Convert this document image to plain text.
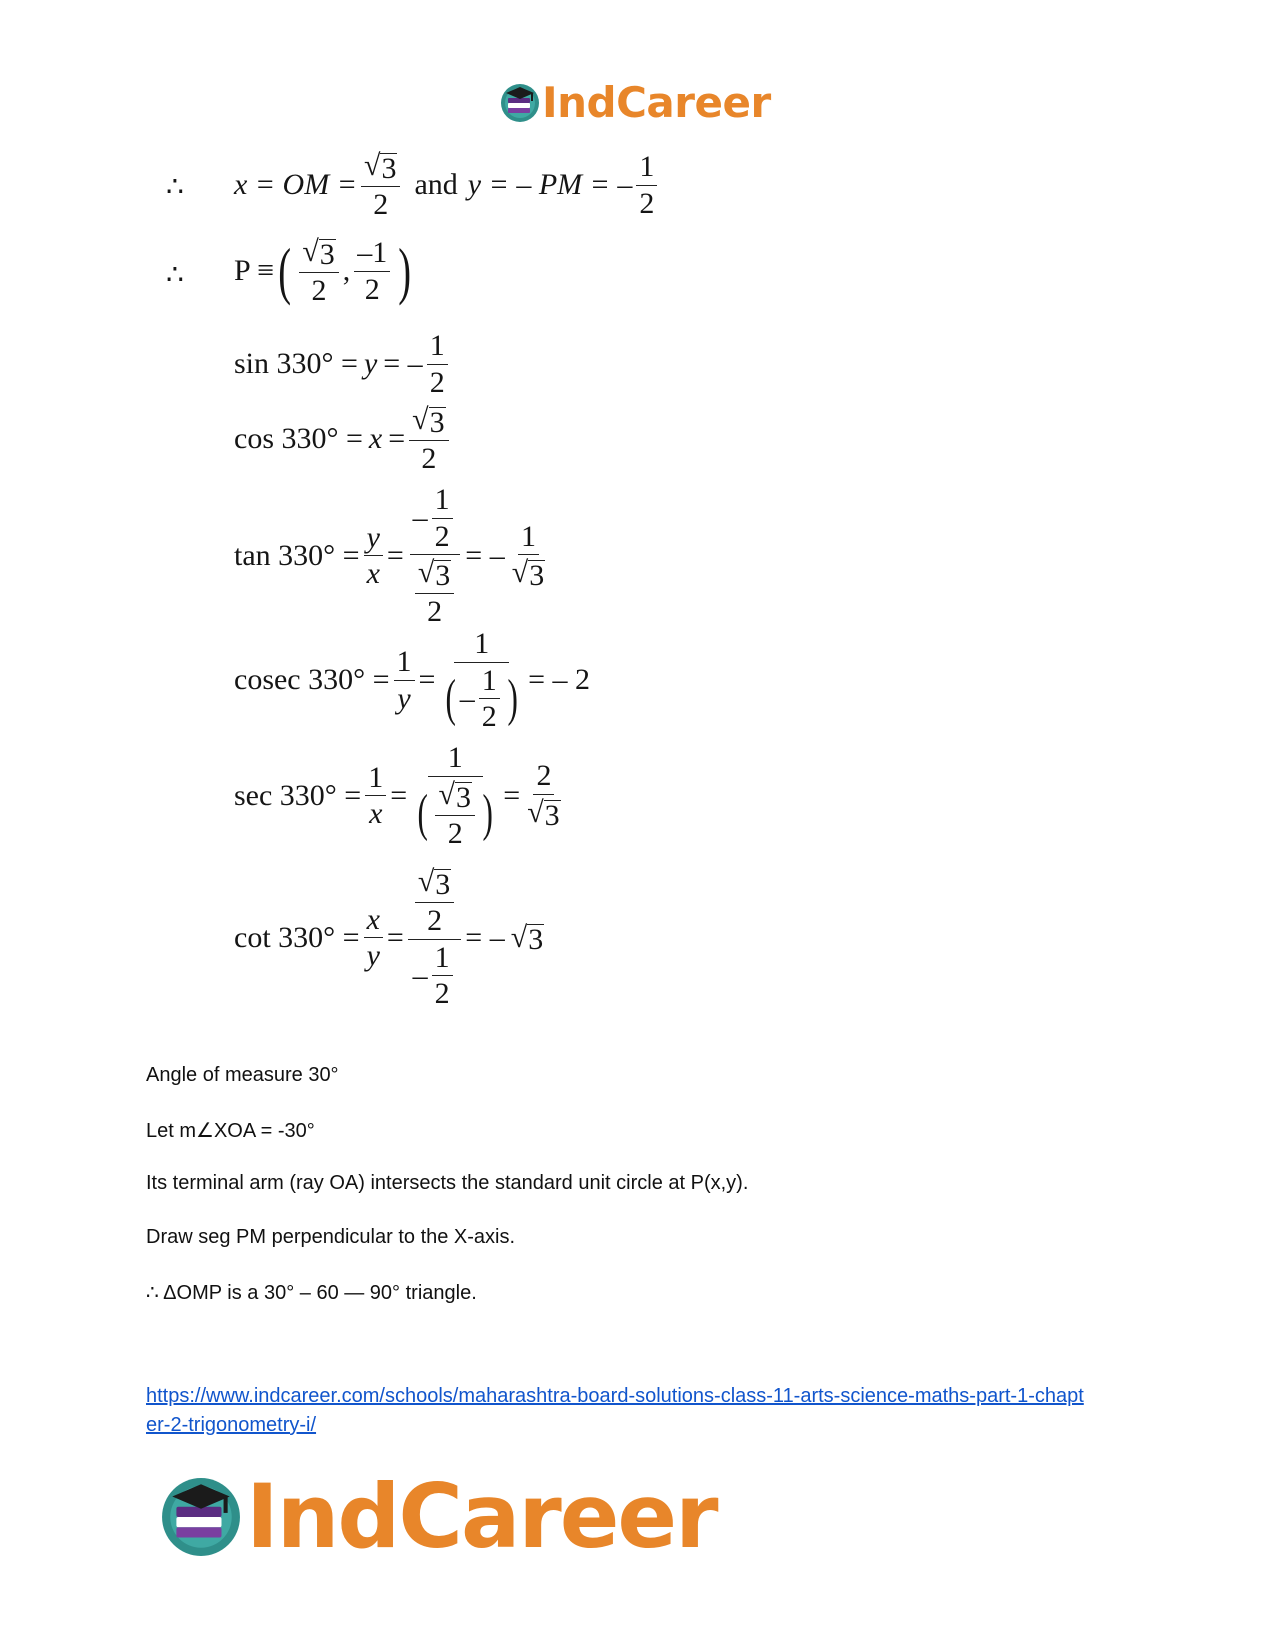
IndCareer
∴ x = OM = $\frac{√ 3}{2}$ and y = – PM = – $\frac{1}{2}$
∴ P ≡ ( $\frac{√ 3}{2}$ , $\frac{-1}{2}$ )
sin 330° = y = – $\frac{1}{2}$
$\cos 330^\circ = x = \frac{√ 3}{2}$
$\tan 330^\circ = \frac{y}{x} = \frac{- \frac{1}{2}}{\frac{√ 3}{2}}$ = – $\frac{1}{√ 3}$
cosec $330^\circ = \frac{1}{y} = \frac{1}{( - \frac{1}{2} )}$ = – 2
$\sec 330^\circ = \frac{1}{x} = \frac{1}{( \frac{√ 3}{2} )} = \frac{2}{√ 3}$
$\cot 330^\circ = \frac{x}{y} = \frac{\frac{√ 3}{2}}{- \frac{1}{2}}$ = – √ 3
Angle of measure 30°
Let m∠XOA = -30°
Its terminal arm (ray OA) intersects the standard unit circle at P(x,y).
Draw seg PM perpendicular to the X-axis.
∴ ΔOMP is a 30° – 60 — 90° triangle.
https://www.indcareer.com/schools/maharashtra-board-solutions-class-11-arts-science-maths-part-1-chapter-2-trigonometry-i/
IndCareer
